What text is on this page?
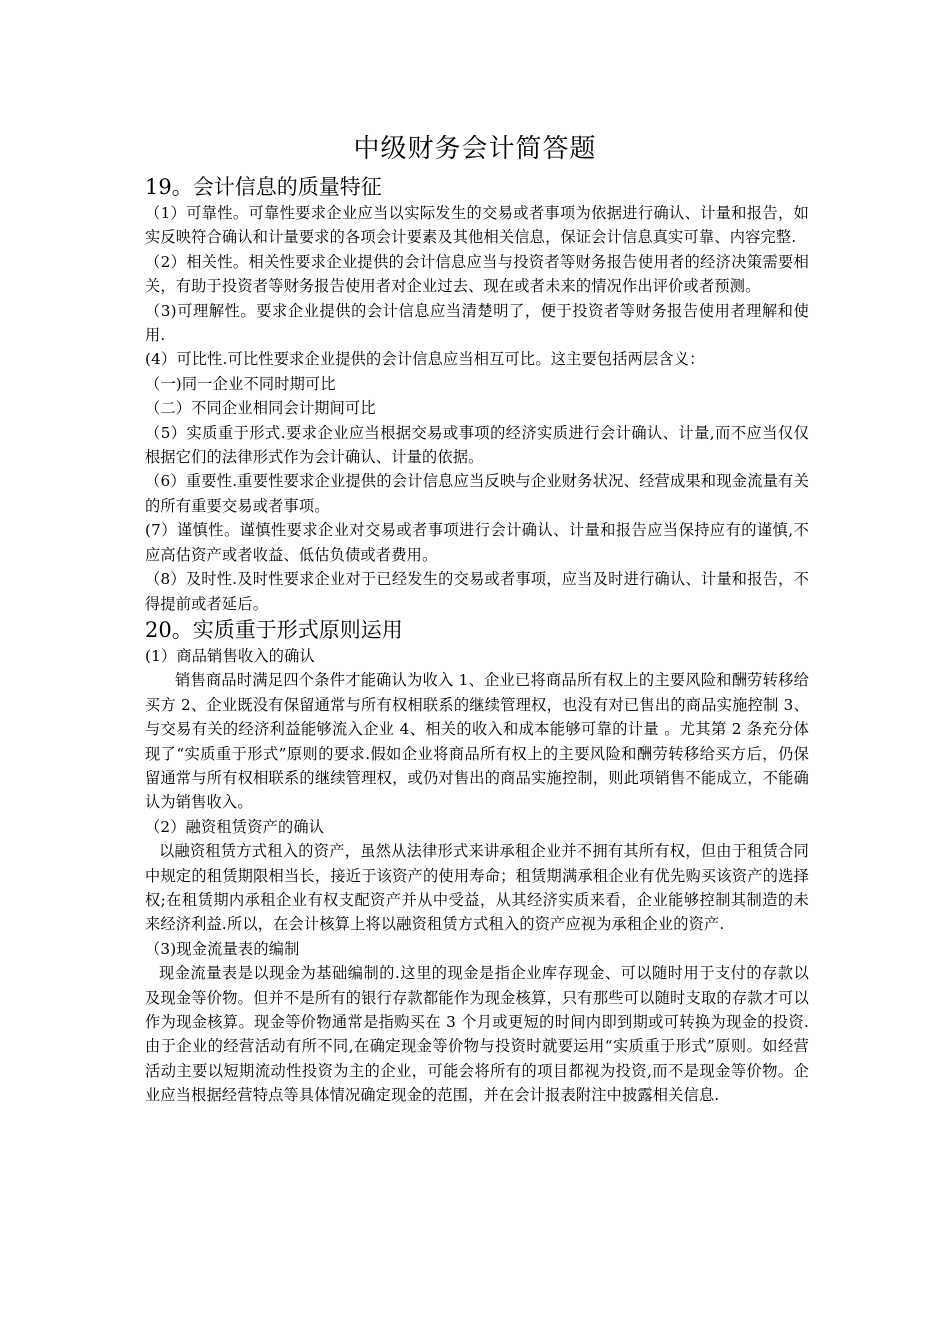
中级财务会计简答题
19。会计信息的质量特征

（1）可靠性。可靠性要求企业应当以实际发生的交易或者事项为依据进行确认、计量和报告，如实反映符合确认和计量要求的各项会计要素及其他相关信息，保证会计信息真实可靠、内容完整.

（2）相关性。相关性要求企业提供的会计信息应当与投资者等财务报告使用者的经济决策需要相关，有助于投资者等财务报告使用者对企业过去、现在或者未来的情况作出评价或者预测。

（3)可理解性。要求企业提供的会计信息应当清楚明了，便于投资者等财务报告使用者理解和使用.

(4）可比性.可比性要求企业提供的会计信息应当相互可比。这主要包括两层含义：

（一)同一企业不同时期可比

（二）不同企业相同会计期间可比

（5）实质重于形式.要求企业应当根据交易或事项的经济实质进行会计确认、计量,而不应当仅仅根据它们的法律形式作为会计确认、计量的依据。

（6）重要性.重要性要求企业提供的会计信息应当反映与企业财务状况、经营成果和现金流量有关的所有重要交易或者事项。

(7）谨慎性。谨慎性要求企业对交易或者事项进行会计确认、计量和报告应当保持应有的谨慎,不应高估资产或者收益、低估负债或者费用。

（8）及时性.及时性要求企业对于已经发生的交易或者事项，应当及时进行确认、计量和报告，不得提前或者延后。

20。实质重于形式原则运用

(1）商品销售收入的确认

销售商品时满足四个条件才能确认为收入 1、企业已将商品所有权上的主要风险和酬劳转移给买方 2、企业既没有保留通常与所有权相联系的继续管理权，也没有对已售出的商品实施控制 3、与交易有关的经济利益能够流入企业 4、相关的收入和成本能够可靠的计量 。尤其第 2 条充分体现了“实质重于形式”原则的要求.假如企业将商品所有权上的主要风险和酬劳转移给买方后，仍保留通常与所有权相联系的继续管理权，或仍对售出的商品实施控制，则此项销售不能成立，不能确认为销售收入。

（2）融资租赁资产的确认

以融资租赁方式租入的资产，虽然从法律形式来讲承租企业并不拥有其所有权，但由于租赁合同中规定的租赁期限相当长，接近于该资产的使用寿命；租赁期满承租企业有优先购买该资产的选择权;在租赁期内承租企业有权支配资产并从中受益，从其经济实质来看，企业能够控制其制造的未来经济利益.所以，在会计核算上将以融资租赁方式租入的资产应视为承租企业的资产.

（3)现金流量表的编制

现金流量表是以现金为基础编制的.这里的现金是指企业库存现金、可以随时用于支付的存款以及现金等价物。但并不是所有的银行存款都能作为现金核算，只有那些可以随时支取的存款才可以作为现金核算。现金等价物通常是指购买在 3 个月或更短的时间内即到期或可转换为现金的投资.由于企业的经营活动有所不同,在确定现金等价物与投资时就要运用“实质重于形式”原则。如经营活动主要以短期流动性投资为主的企业，可能会将所有的项目都视为投资,而不是现金等价物。企业应当根据经营特点等具体情况确定现金的范围，并在会计报表附注中披露相关信息.
